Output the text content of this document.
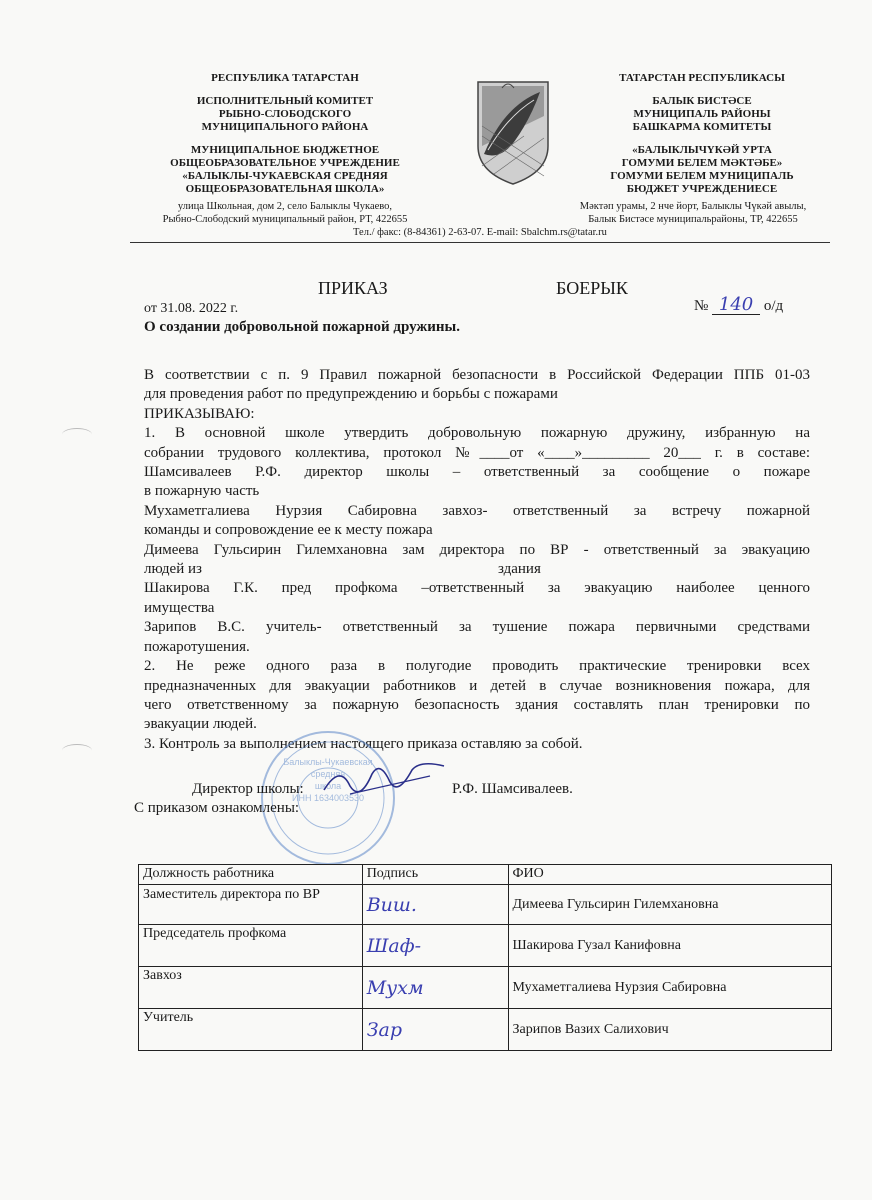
РЕСПУБЛИКА ТАТАРСТАН
ИСПОЛНИТЕЛЬНЫЙ КОМИТЕТ
РЫБНО-СЛОБОДСКОГО
МУНИЦИПАЛЬНОГО РАЙОНА
МУНИЦИПАЛЬНОЕ БЮДЖЕТНОЕ
ОБЩЕОБРАЗОВАТЕЛЬНОЕ УЧРЕЖДЕНИЕ
«БАЛЫКЛЫ-ЧУКАЕВСКАЯ СРЕДНЯЯ
ОБЩЕОБРАЗОВАТЕЛЬНАЯ ШКОЛА»
улица Школьная, дом 2, село Балыклы Чукаево,
Рыбно-Слободский муниципальный район, РТ, 422655
ТАТАРСТАН РЕСПУБЛИКАСЫ
БАЛЫК БИСТӘСЕ
МУНИЦИПАЛЬ РАЙОНЫ
БАШКАРМА КОМИТЕТЫ
«БАЛЫКЛЫЧҮКӘЙ УРТА
ГОМУМИ БЕЛЕМ МӘКТӘБЕ»
ГОМУМИ БЕЛЕМ МУНИЦИПАЛЬ
БЮДЖЕТ УЧРЕЖДЕНИЕСЕ
Мәктәп урамы, 2 нче йорт, Балыклы Чүкәй авылы,
Балык Бистәсе муниципальрайоны, ТР, 422655
Тел./ факс: (8-84361) 2-63-07. E-mail: Sbalchm.rs@tatar.ru
ПРИКАЗ	БОЕРЫК
от 31.08. 2022 г.	№ 140 о/д
О создании добровольной пожарной дружины.
В соответствии с п. 9 Правил пожарной безопасности в Российской Федерации ППБ 01-03
для проведения работ по предупреждению и борьбы с пожарами
ПРИКАЗЫВАЮ:
1. В основной школе утвердить добровольную пожарную дружину, избранную на
собрании трудового коллектива, протокол №____от «____»_________ 20___ г. в составе:
Шамсивалеев Р.Ф. директор школы – ответственный за сообщение о пожаре
в пожарную часть
Мухаметгалиева Нурзия Сабировна завхоз- ответственный за встречу пожарной
команды и сопровождение ее к месту пожара
Димеева Гульсирин Гилемхановна зам директора по ВР - ответственный за эвакуацию
людей из	здания
Шакирова Г.К. пред профкома –ответственный за эвакуацию наиболее ценного
имущества
Зарипов В.С. учитель- ответственный за тушение пожара первичными средствами
пожаротушения.
2. Не реже одного раза в полугодие проводить практические тренировки всех
предназначенных для эвакуации работников и детей в случае возникновения пожара, для
чего ответственному за пожарную безопасность здания составлять план тренировки по
эвакуации людей.
3. Контроль за выполнением настоящего приказа оставляю за собой.
Балыклы-Чукаевская
средняя
школа
ИНН 1634003530
Директор школы:	Р.Ф. Шамсивалеев.
С приказом ознакомлены:
Должность работника	Подпись	ФИО
Заместитель директора по ВР	Виш.	Димеева Гульсирин Гилемхановна
Председатель профкома	Шаф-	Шакирова Гузал Канифовна
Завхоз	Мухм	Мухаметгалиева Нурзия Сабировна
Учитель	Зар	Зарипов Вазих Салихович
